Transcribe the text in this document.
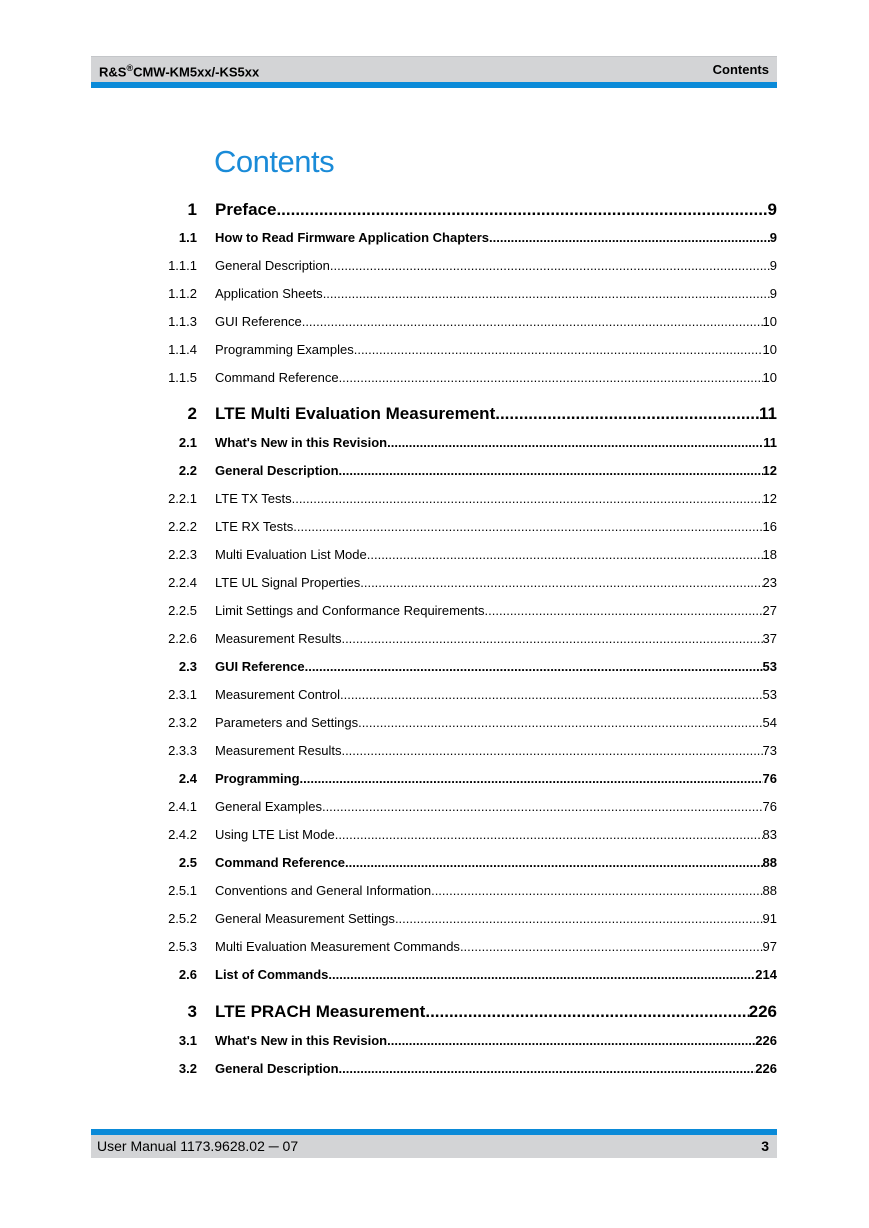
R&S®CMW-KM5xx/-KS5xx	Contents
Contents
1 Preface .....	9
1.1 How to Read Firmware Application Chapters .....	9
1.1.1 General Description .....	9
1.1.2 Application Sheets .....	9
1.1.3 GUI Reference .....	10
1.1.4 Programming Examples .....	10
1.1.5 Command Reference .....	10
2 LTE Multi Evaluation Measurement .....	11
2.1 What's New in this Revision .....	11
2.2 General Description .....	12
2.2.1 LTE TX Tests .....	12
2.2.2 LTE RX Tests .....	16
2.2.3 Multi Evaluation List Mode .....	18
2.2.4 LTE UL Signal Properties .....	23
2.2.5 Limit Settings and Conformance Requirements .....	27
2.2.6 Measurement Results .....	37
2.3 GUI Reference .....	53
2.3.1 Measurement Control .....	53
2.3.2 Parameters and Settings .....	54
2.3.3 Measurement Results .....	73
2.4 Programming .....	76
2.4.1 General Examples .....	76
2.4.2 Using LTE List Mode .....	83
2.5 Command Reference .....	88
2.5.1 Conventions and General Information .....	88
2.5.2 General Measurement Settings .....	91
2.5.3 Multi Evaluation Measurement Commands .....	97
2.6 List of Commands .....	214
3 LTE PRACH Measurement .....	226
3.1 What's New in this Revision .....	226
3.2 General Description .....	226
User Manual 1173.9628.02 ─ 07	3
